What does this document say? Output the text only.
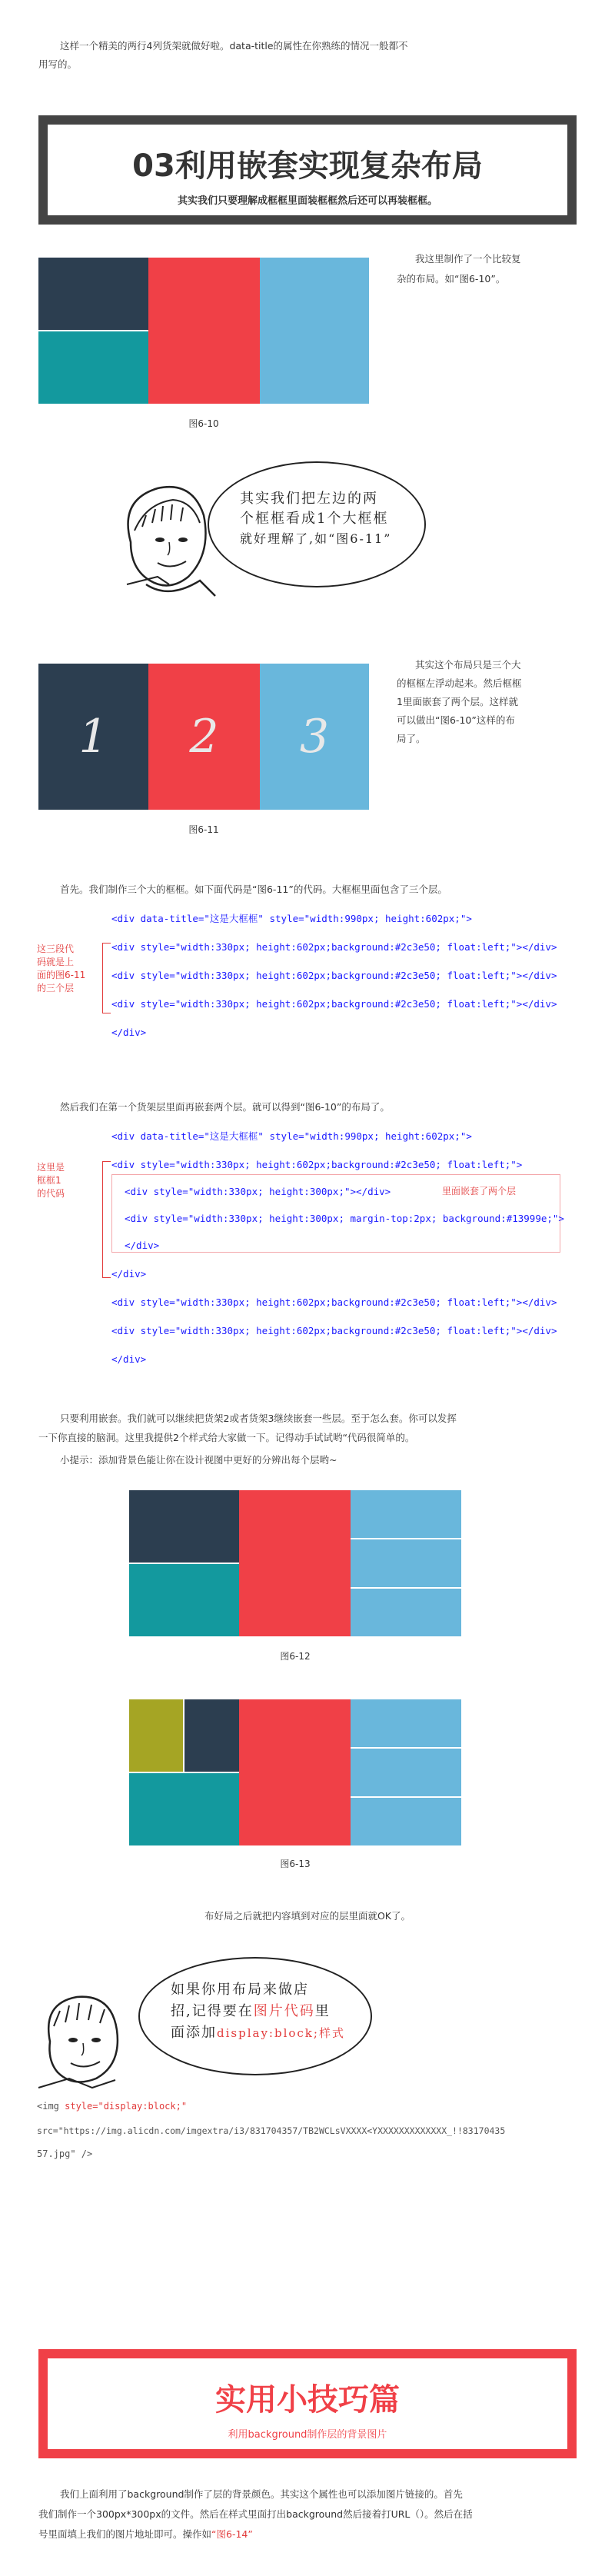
这样一个精美的两行4列货架就做好啦。data-title的属性在你熟练的情况一般都不
用写的。
03利用嵌套实现复杂布局
其实我们只要理解成框框里面装框框然后还可以再装框框。
我这里制作了一个比较复
杂的布局。如“图6-10”。
图6-10
其实我们把左边的两
个框框看成1个大框框
就好理解了,如“图6-11”
1 2 3
其实这个布局只是三个大
的框框左浮动起来。然后框框
1里面嵌套了两个层。这样就
可以做出“图6-10”这样的布
局了。
图6-11
首先。我们制作三个大的框框。如下面代码是“图6-11”的代码。大框框里面包含了三个层。
<div data-title="这是大框框" style="width:990px; height:602px;">
<div style="width:330px; height:602px;background:#2c3e50; float:left;"></div>
<div style="width:330px; height:602px;background:#2c3e50; float:left;"></div>
<div style="width:330px; height:602px;background:#2c3e50; float:left;"></div>
</div>
这三段代
码就是上
面的图6-11
的三个层
然后我们在第一个货架层里面再嵌套两个层。就可以得到“图6-10”的布局了。
<div data-title="这是大框框" style="width:990px; height:602px;">
<div style="width:330px; height:602px;background:#2c3e50; float:left;">
<div style="width:330px; height:300px;"></div>	里面嵌套了两个层
<div style="width:330px; height:300px; margin-top:2px; background:#13999e;">
</div>
</div>
<div style="width:330px; height:602px;background:#2c3e50; float:left;"></div>
<div style="width:330px; height:602px;background:#2c3e50; float:left;"></div>
</div>
这里是
框框1
的代码
只要利用嵌套。我们就可以继续把货架2或者货架3继续嵌套一些层。至于怎么套。你可以发挥
一下你直接的脑洞。这里我提供2个样式给大家做一下。记得动手试试哟“代码很简单的。
小提示：添加背景色能让你在设计视图中更好的分辨出每个层哟~
图6-12
图6-13
布好局之后就把内容填到对应的层里面就OK了。
如果你用布局来做店
招,记得要在图片代码里
面添加display:block;样式
<img style="display:block;"
src="https://img.alicdn.com/imgextra/i3/831704357/TB2WCLsVXXXX<YXXXXXXXXXXXXX_!!83170435
57.jpg" />
实用小技巧篇
利用background制作层的背景图片
我们上面利用了background制作了层的背景颜色。其实这个属性也可以添加图片链接的。首先
我们制作一个300px*300px的文件。然后在样式里面打出background然后接着打URL（）。然后在括
号里面填上我们的图片地址即可。操作如“图6-14”
